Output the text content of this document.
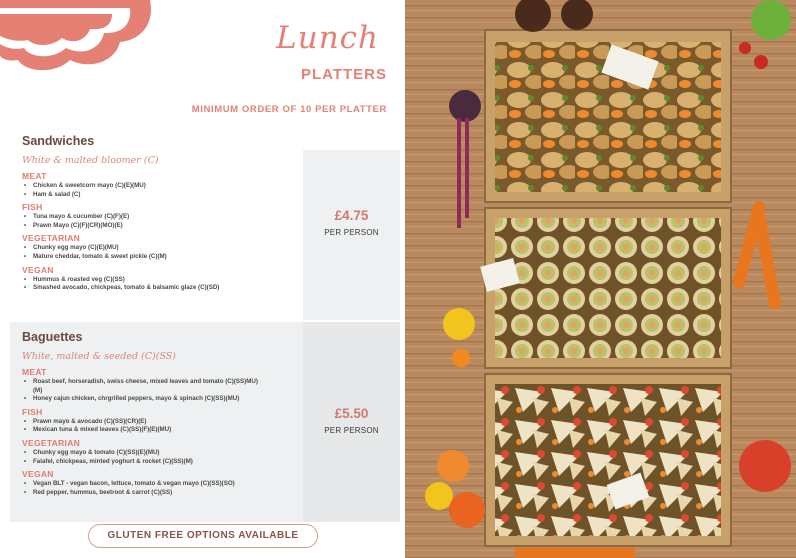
Lunch
PLATTERS
MINIMUM ORDER OF 10 PER PLATTER
Sandwiches
White & malted bloomer (C)
MEAT
• Chicken & sweetcorn mayo (C)(E)(MU)
• Ham & salad (C)
FISH
• Tuna mayo & cucumber (C)(F)(E)
• Prawn Mayo (C)(F)(CR)(MO)(E)
VEGETARIAN
• Chunky egg mayo (C)(E)(MU)
• Mature cheddar, tomato & sweet pickle (C)(M)
VEGAN
• Hummus & roasted veg (C)(SS)
• Smashed avocado, chickpeas, tomato & balsamic glaze (C)(SD)
£4.75
PER PERSON
Baguettes
White, malted & seeded (C)(SS)
MEAT
• Roast beef, horseradish, swiss cheese, mixed leaves and tomato (C)(SS)MU)(M)
• Honey cajun chicken, chrgrilled peppers, mayo & spinach (C)(SS)(MU)
FISH
• Prawn mayo & avocado (C)(SS)(CR)(E)
• Mexican tuna & mixed leaves (C)(SS)(F)(E)(MU)
VEGETARIAN
• Chunky egg mayo & tomato (C)(SS)(E)(MU)
• Falafel, chickpeas, minted yoghurt & rocket (C)(SS)(M)
VEGAN
• Vegan BLT - vegan bacon, lettuce, tomato & vegan mayo (C)(SS)(SO)
• Red pepper, hummus, beetroot & carrot (C)(SS)
£5.50
PER PERSON
GLUTEN FREE OPTIONS AVAILABLE
